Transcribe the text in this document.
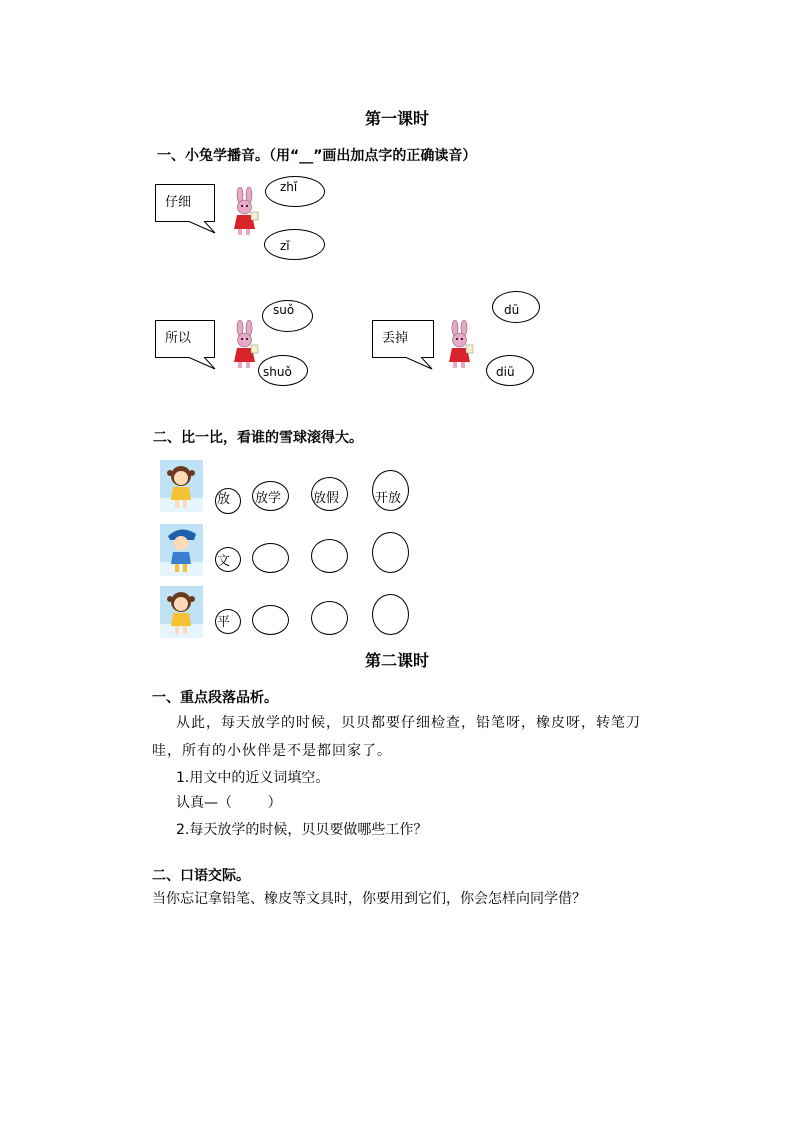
第一课时
一、小兔学播音。（用“__”画出加点字的正确读音）
仔细
zhǐ
zǐ
所以
suǒ
shuǒ
丢掉
dū
diū
二、比一比，看谁的雪球滚得大。
放 放学 放假	开放
文
平
第二课时
一、重点段落品析。
从此，每天放学的时候，贝贝都要仔细检查，铅笔呀，橡皮呀，转笔刀
哇，所有的小伙伴是不是都回家了。
1.用文中的近义词填空。
认真—（        ）
2.每天放学的时候，贝贝要做哪些工作？
二、口语交际。
当你忘记拿铅笔、橡皮等文具时，你要用到它们，你会怎样向同学借？
